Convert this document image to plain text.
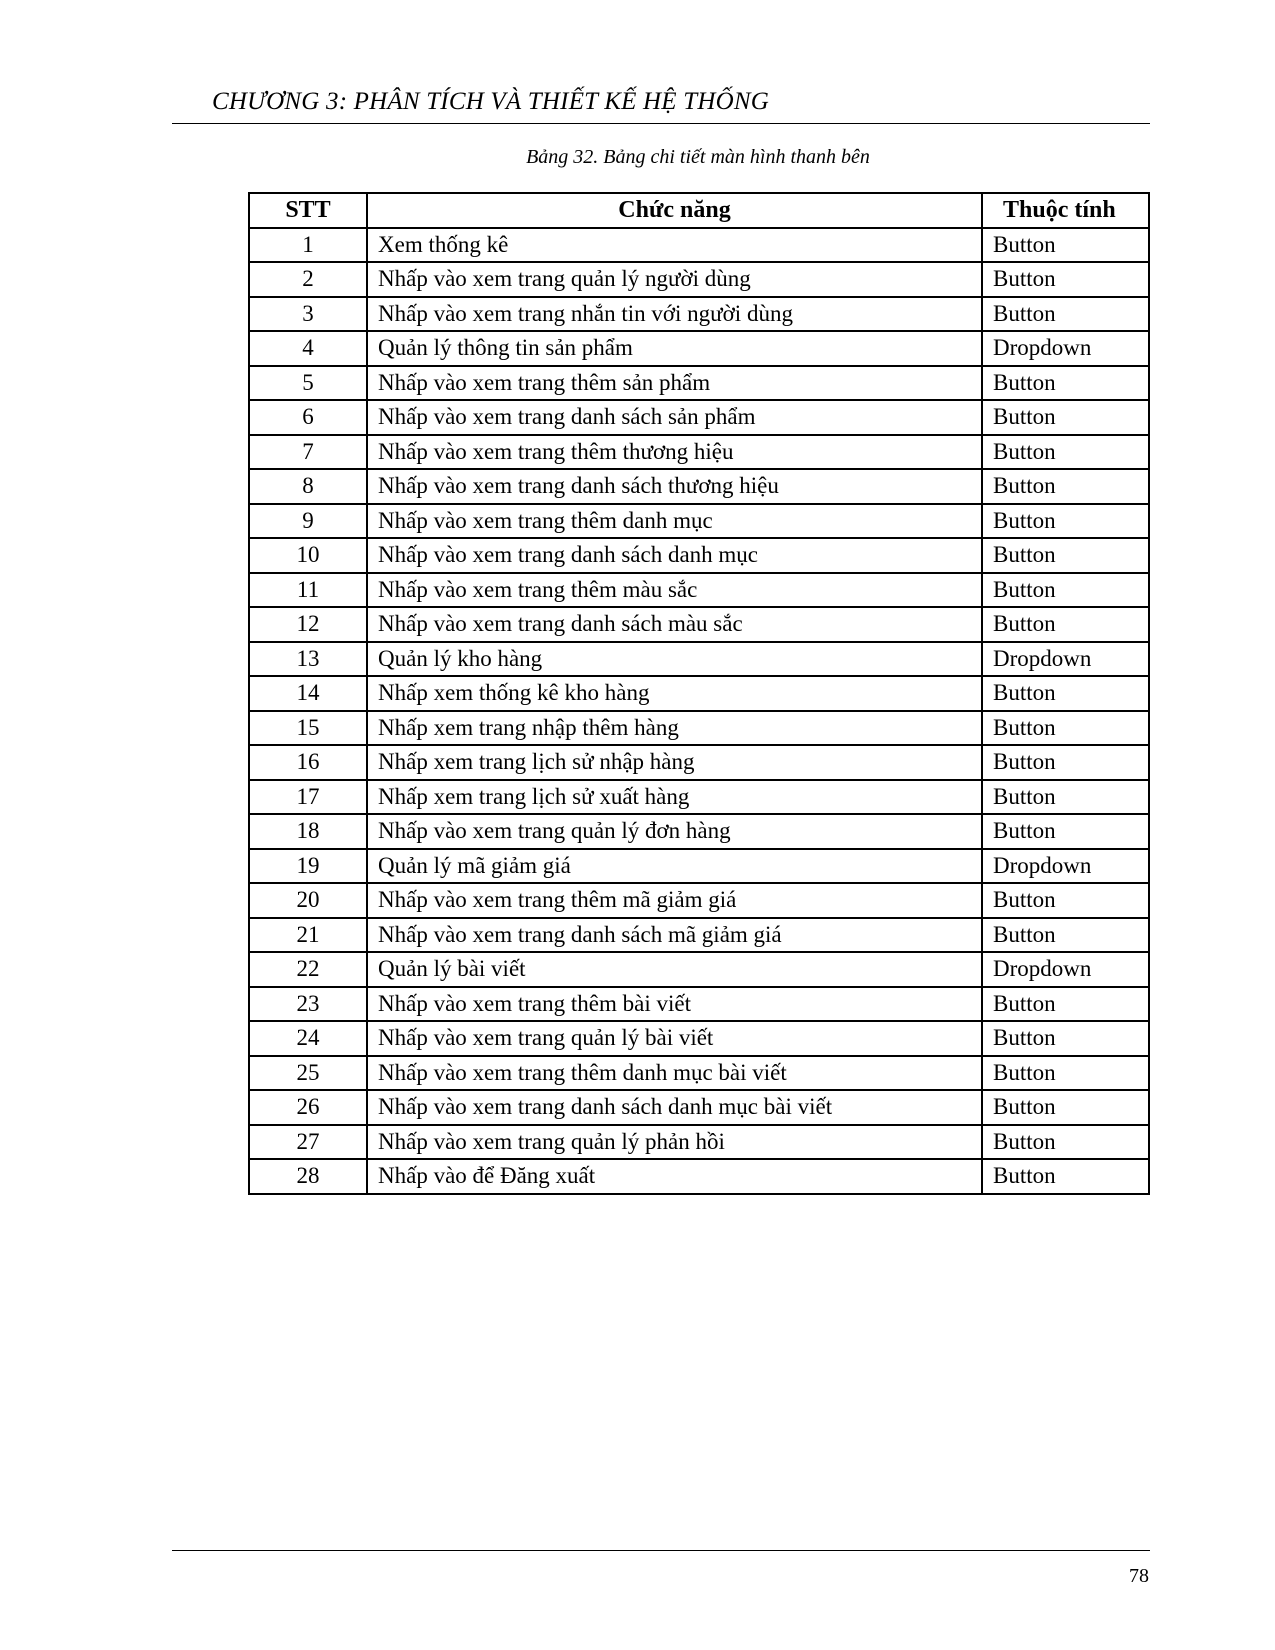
CHƯƠNG 3: PHÂN TÍCH VÀ THIẾT KẾ HỆ THỐNG
Bảng 32. Bảng chi tiết màn hình thanh bên
STT	Chức năng	Thuộc tính
1	Xem thống kê	Button
2	Nhấp vào xem trang quản lý người dùng	Button
3	Nhấp vào xem trang nhắn tin với người dùng	Button
4	Quản lý thông tin sản phẩm	Dropdown
5	Nhấp vào xem trang thêm sản phẩm	Button
6	Nhấp vào xem trang danh sách sản phẩm	Button
7	Nhấp vào xem trang thêm thương hiệu	Button
8	Nhấp vào xem trang danh sách thương hiệu	Button
9	Nhấp vào xem trang thêm danh mục	Button
10	Nhấp vào xem trang danh sách danh mục	Button
11	Nhấp vào xem trang thêm màu sắc	Button
12	Nhấp vào xem trang danh sách màu sắc	Button
13	Quản lý kho hàng	Dropdown
14	Nhấp xem thống kê kho hàng	Button
15	Nhấp xem trang nhập thêm hàng	Button
16	Nhấp xem trang lịch sử nhập hàng	Button
17	Nhấp xem trang lịch sử xuất hàng	Button
18	Nhấp vào xem trang quản lý đơn hàng	Button
19	Quản lý mã giảm giá	Dropdown
20	Nhấp vào xem trang thêm mã giảm giá	Button
21	Nhấp vào xem trang danh sách mã giảm giá	Button
22	Quản lý bài viết	Dropdown
23	Nhấp vào xem trang thêm bài viết	Button
24	Nhấp vào xem trang quản lý bài viết	Button
25	Nhấp vào xem trang thêm danh mục bài viết	Button
26	Nhấp vào xem trang danh sách danh mục bài viết	Button
27	Nhấp vào xem trang quản lý phản hồi	Button
28	Nhấp vào để Đăng xuất	Button
78
